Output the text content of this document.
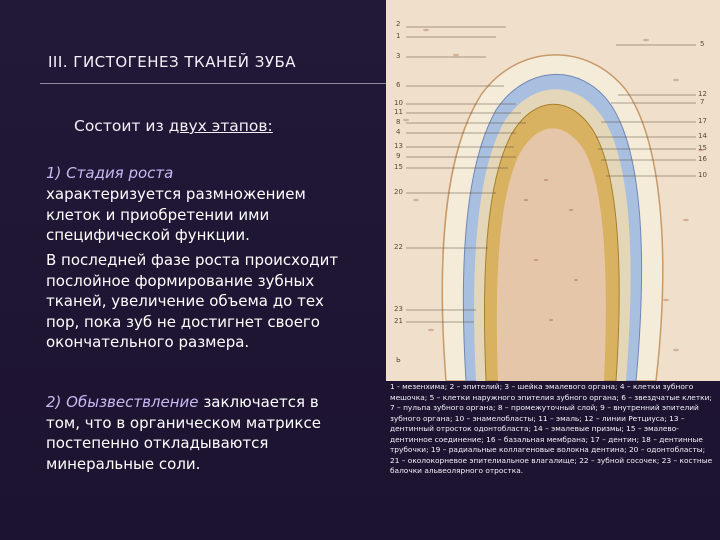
III. ГИСТОГЕНЕЗ ТКАНЕЙ ЗУБА
Состоит из двух этапов:
1) Стадия роста
характеризуется размножением клеток и приобретении ими специфической функции.
В последней фазе роста происходит послойное формирование зубных тканей, увеличение объема до тех пор, пока зуб не достигнет своего окончательного размера.
2) Обызвествление заключается в том, что в органическом матриксе постепенно откладываются минеральные соли.
2
1
3
6
10
11
8
4
13
9
15
20
22
23
21
Ь
5
12
7
17
14
15
16
10
1 - мезенхима; 2 – эпителий; 3 – шейка эмалевого органа; 4 – клетки зубного мешочка; 5 – клетки наружного эпителия зубного органа; 6 – звездчатые клетки; 7 – пульпа зубного органа; 8 – промежуточный слой; 9 – внутренний эпителий зубного органа; 10 – энамелобласты; 11 – эмаль; 12 – линии Ретциуса; 13 – дентинный отросток одонтобласта; 14 – эмалевые призмы; 15 – эмалево-дентинное соединение; 16 – базальная мембрана; 17 – дентин; 18 – дентинные трубочки; 19 – радиальные коллагеновые волокна дентина; 20 – одонтобласты; 21 – околокорневое эпителиальное влагалище; 22 – зубной сосочек; 23 – костные балочки альвеолярного отростка.
